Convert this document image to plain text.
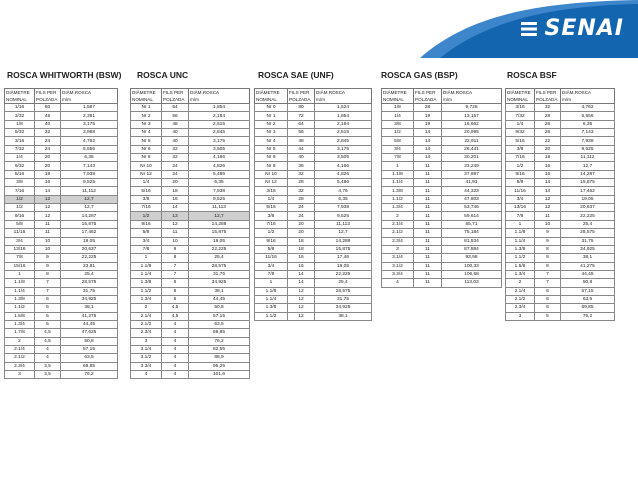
SENAI
ROSCA WHITWORTH (BSW) ROSCA UNC	ROSCA SAE (UNF)	ROSCA GAS (BSP)	ROSCA BSF
DIÂMETRE	FILS PER	DIÂM.ROSCA
NOMINAL	POLZADA	m/m
1/16	60	1,587
3/32	48	2,381
1/8	40	3,175
5/32	32	3,968
3/16	24	4,762
7/32	24	5,556
1/4	20	6,35
9/32	20	7,143
5/16	18	7,938
3/8	16	9,525
7/16	14	11,112
1/2	12	12,7
1/2	12	12,7
9/16	12	14,287
5/8	11	15,875
11/16	11	17,462
3/4	10	19,05
13/16	10	20,637
7/8	9	22,225
15/16	9	23,81
1	8	25,4
1.1/8	7	28,575
1.1/4	7	31,75
1.3/8	6	34,925
1.1/2	6	38,1
1.5/8	5	41,275
1.3/4	5	44,45
1.7/8	4,5	47,625
2	4,5	50,8
2.1/4	4	57,15
2.1/2	4	63,5
2.3/4	3,5	69,85
3	3,5	76,2
DIÂMETRE	FILS PER	DIÂM.ROSCA
NOMINAL	POLZADA	m/m
Nr 1	64	1,854
Nr 2	56	2,184
Nr 3	48	2,515
Nr 4	40	2,845
Nr 5	40	3,175
Nr 6	32	3,505
Nr 8	32	4,166
Nr 10	24	4,826
Nr 12	24	5,486
1/4	20	6,35
5/16	18	7,938
3/8	16	9,525
7/16	14	11,113
1/2	13	12,7
9/16	12	14,288
5/8	11	15,875
3/4	10	19,05
7/8	9	22,225
1	8	25,4
1.1/8	7	28,575
1.1/4	7	31,75
1.3/8	6	34,925
1.1/2	6	38,1
1.3/4	5	44,45
2	4,5	50,8
2.1/4	4,5	57,15
2.1/2	4	63,5
2.3/4	4	69,85
3	4	76,2
3.1/4	4	82,55
3.1/2	4	88,9
3.3/4	4	95,25
4	4	101,6
DIÂMETRE	FILS PER	DIÂM.ROSCA
NOMINAL	POLZADA	m/m
Nr 0	80	1,524
Nr 1	72	1,854
Nr 2	64	2,184
Nr 3	56	2,515
Nr 4	48	2,845
Nr 5	44	3,175
Nr 6	40	3,505
Nr 8	36	4,166
Nr 10	32	4,826
Nr 12	28	5,486
3/16	32	4,76
1/4	28	6,35
5/16	24	7,938
3/8	24	9,525
7/16	20	11,113
1/2	20	12,7
9/16	18	14,288
5/8	18	15,875
11/16	16	17,46
3/4	16	19,05
7/8	14	22,225
1	14	25,4
1.1/8	12	28,575
1.1/4	12	31,75
1.3/8	12	34,925
1.1/2	12	38,1
DIÂMETRE	FILS PER	DIÂM.ROSCA
NOMINAL	POLZADA	m/m
1/8	28	9,728
1/4	19	13,157
3/8	19	16,662
1/2	14	20,995
5/8	14	22,911
3/4	14	26,441
7/8	14	30,201
1	11	33,249
1.1/8	11	37,897
1.1/4	11	41,91
1.3/8	11	44,323
1.1/2	11	47,803
1.3/4	11	53,746
2	11	59,614
2.1/4	11	65,71
2.1/2	11	75,184
2.3/4	11	81,534
3	11	87,884
3.1/4	11	93,98
3.1/2	11	100,33
3.3/4	11	106,68
4	11	113,03
DIÂMETRE	FILS PER	DIÂM.ROSCA
NOMINAL	POLZADA	m/m
3/16	32	4,762
7/32	28	5,556
1/4	26	6,35
9/32	26	7,143
5/16	22	7,938
3/8	20	9,525
7/16	18	11,112
1/2	16	12,7
9/16	16	14,287
5/8	14	15,875
11/16	14	17,462
3/4	12	19,05
13/16	12	20,637
7/8	11	22,225
1	10	25,4
1.1/8	9	28,575
1.1/4	9	31,75
1.3/8	8	34,925
1.1/2	8	38,1
1.5/8	8	41,275
1.3/4	7	44,45
2	7	50,8
2.1/4	6	57,15
2.1/2	6	63,5
2.3/4	6	69,85
3	5	76,2
